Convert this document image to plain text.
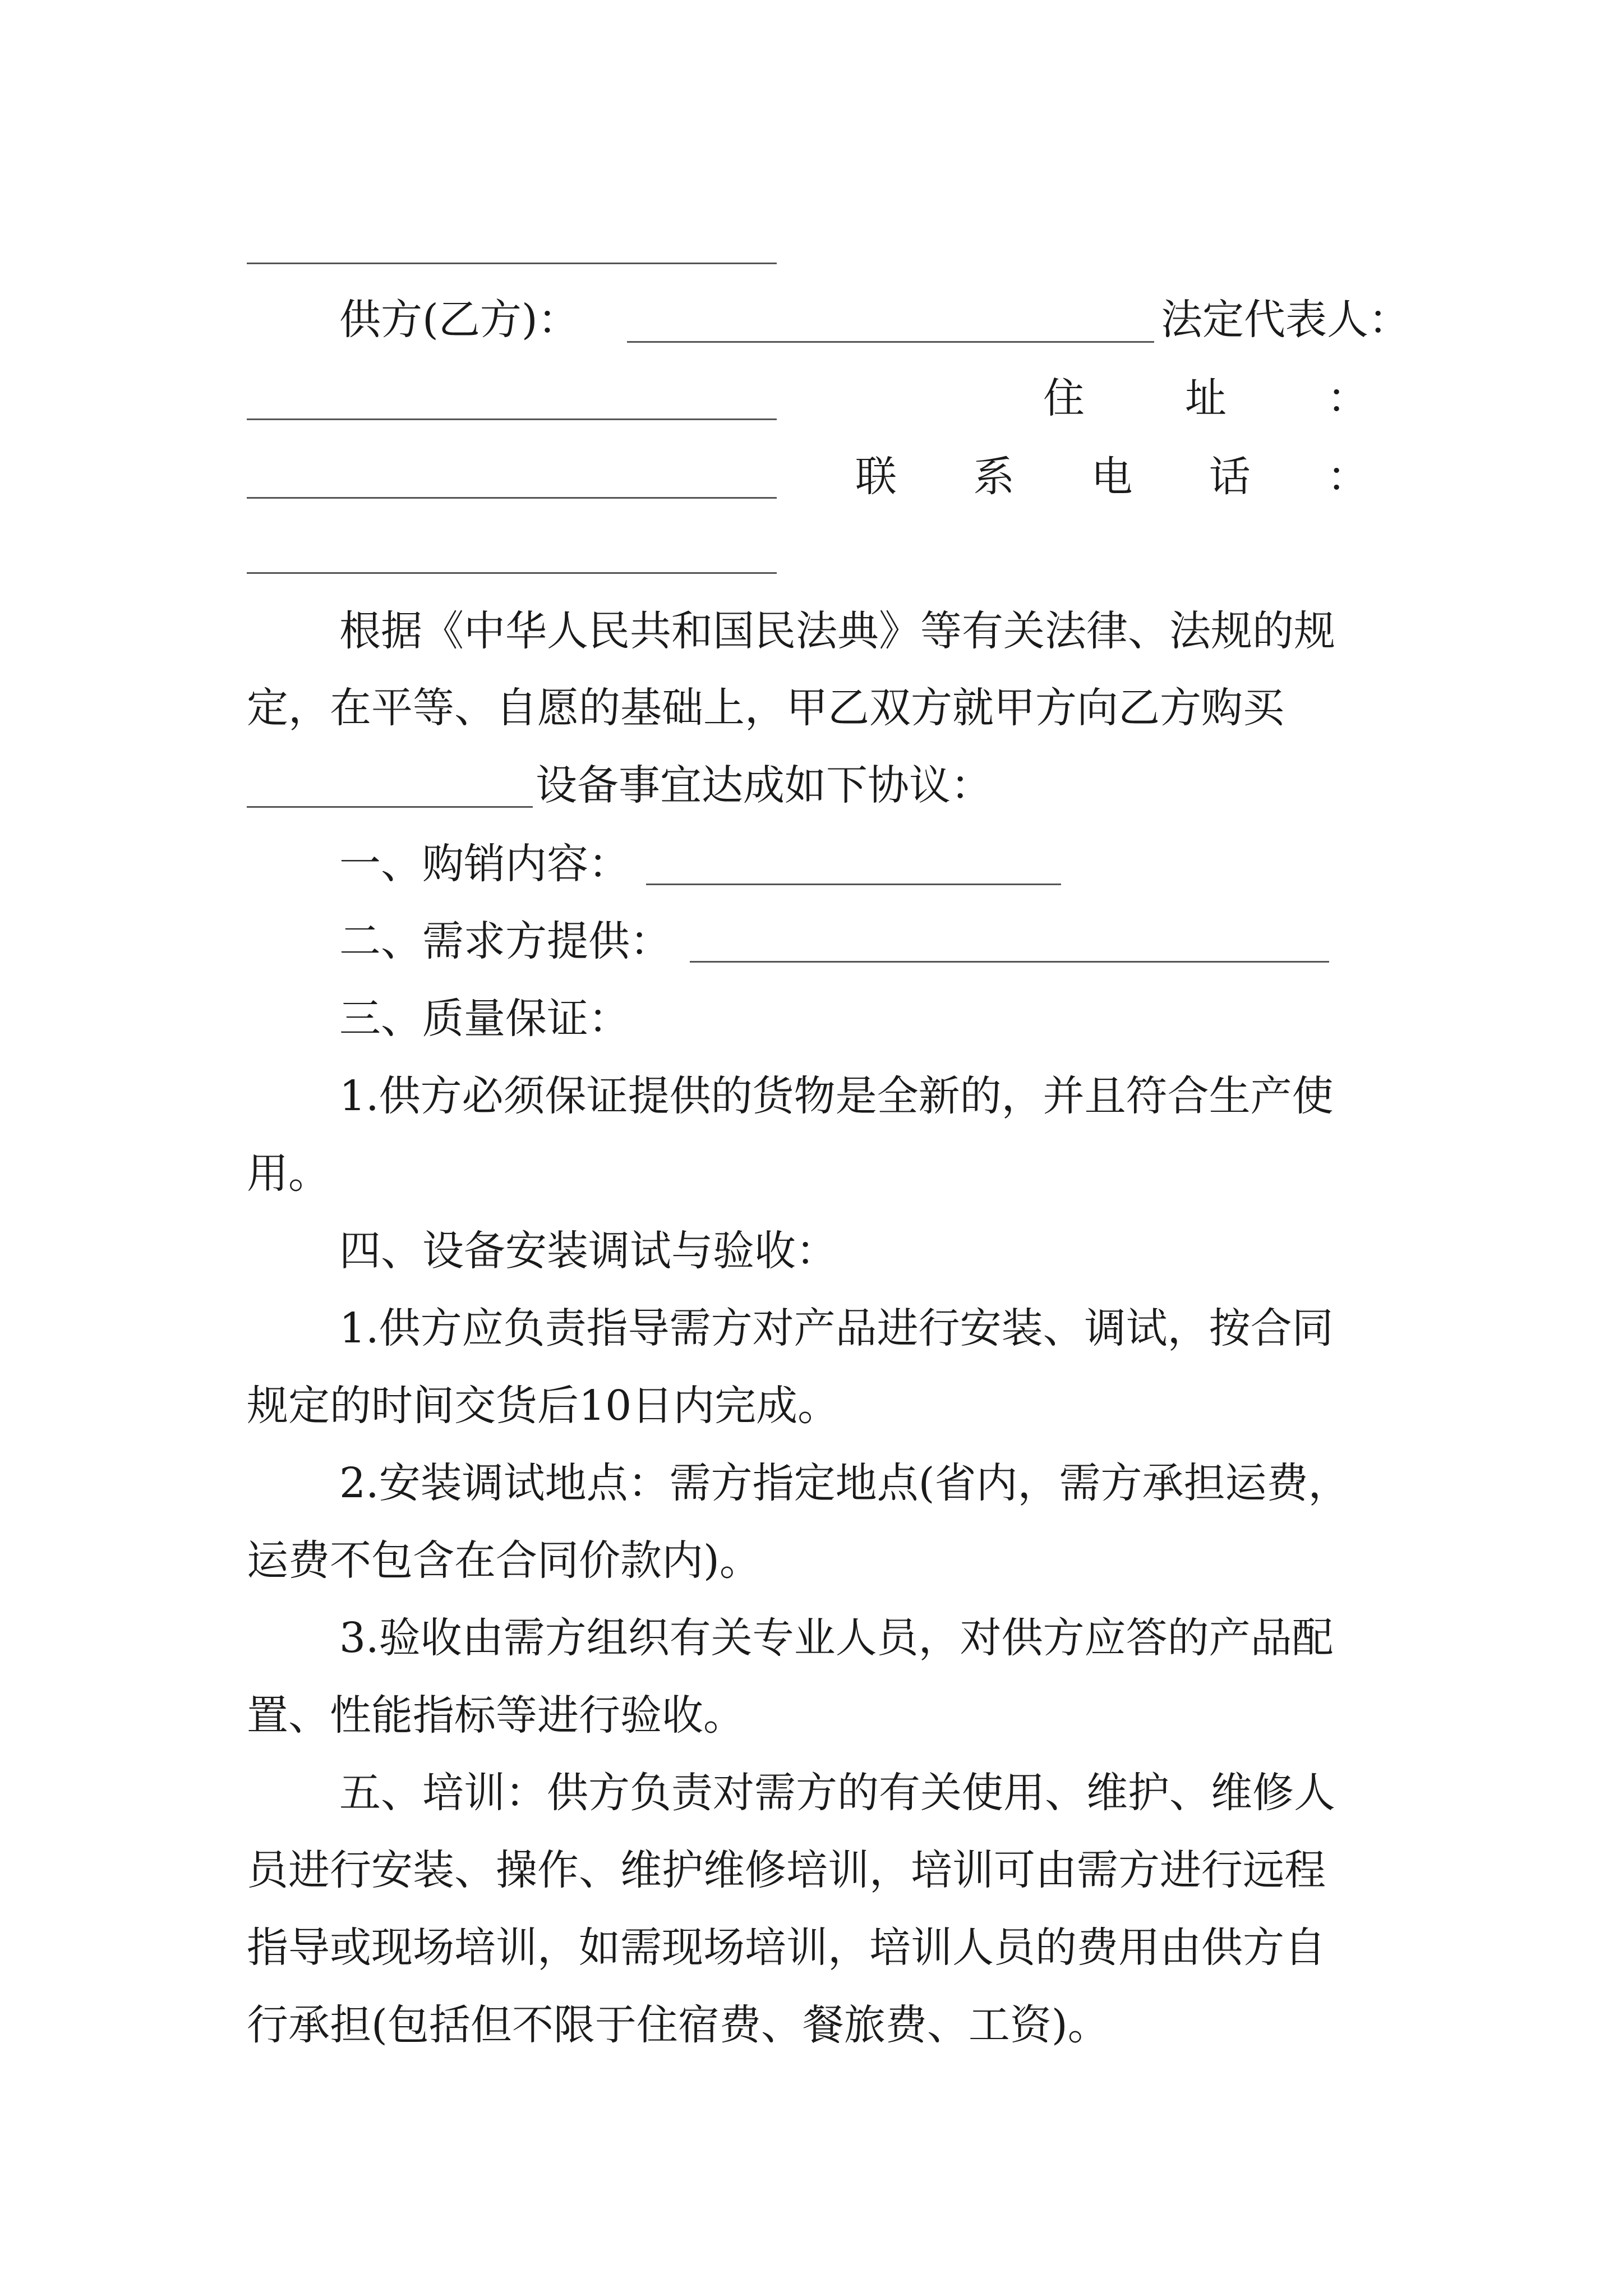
供方(乙方)：	法定代表人：
住 址 ：
联 系 电 话 ：
根据《中华人民共和国民法典》等有关法律、法规的规
定，在平等、自愿的基础上，甲乙双方就甲方向乙方购买
设备事宜达成如下协议：
一、购销内容：
二、需求方提供：
三、质量保证：
1.供方必须保证提供的货物是全新的，并且符合生产使
用。
四、设备安装调试与验收：
1.供方应负责指导需方对产品进行安装、调试，按合同
规定的时间交货后10日内完成。
2.安装调试地点：需方指定地点(省内，需方承担运费，
运费不包含在合同价款内)。
3.验收由需方组织有关专业人员，对供方应答的产品配
置、性能指标等进行验收。
五、培训：供方负责对需方的有关使用、维护、维修人
员进行安装、操作、维护维修培训，培训可由需方进行远程
指导或现场培训，如需现场培训，培训人员的费用由供方自
行承担(包括但不限于住宿费、餐旅费、工资)。
